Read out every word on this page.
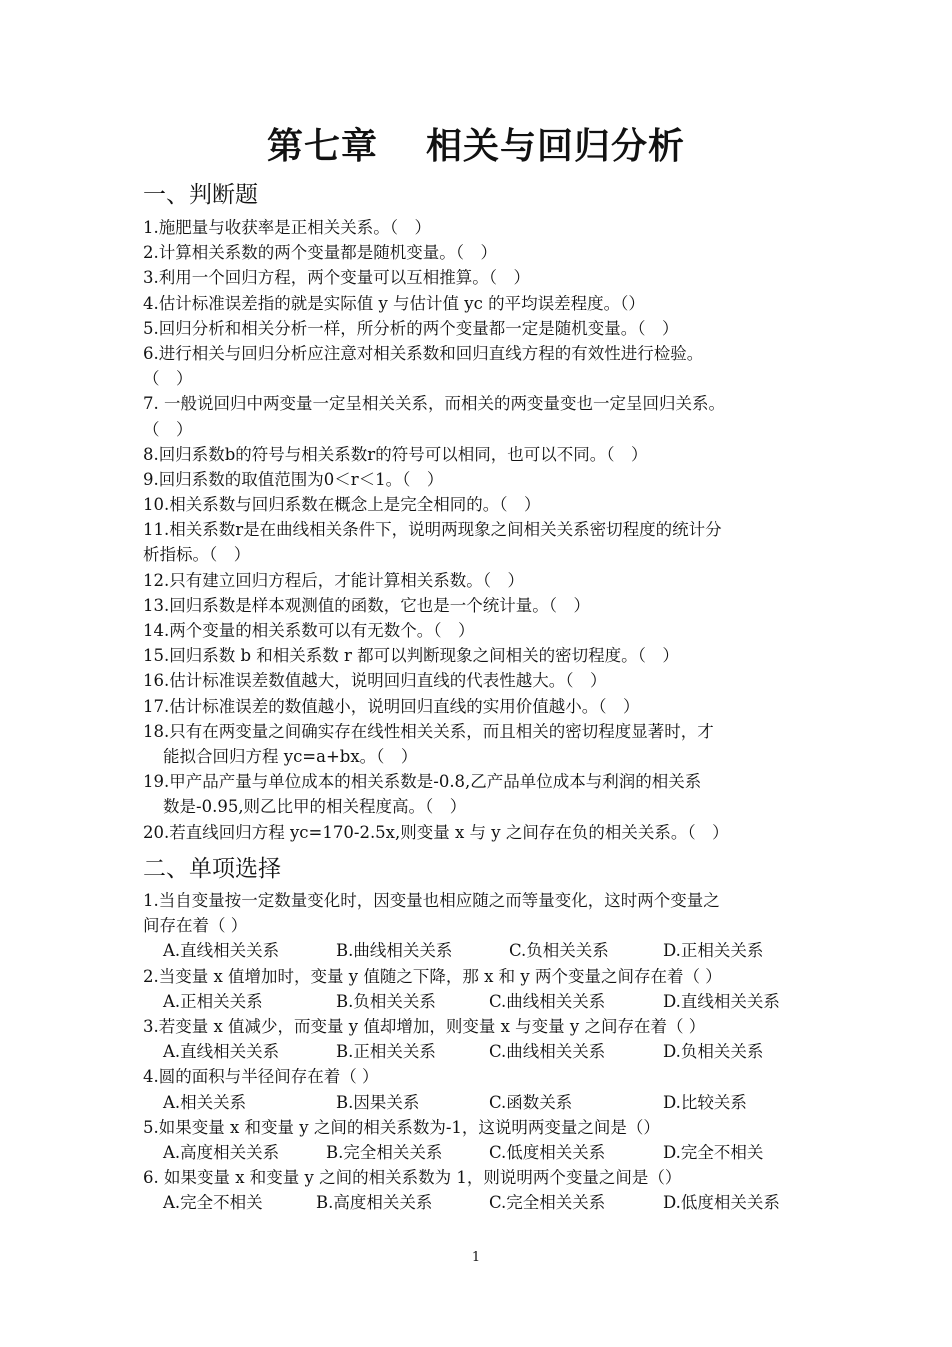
第七章 相关与回归分析
一、判断题
1.施肥量与收获率是正相关关系。（　）
2.计算相关系数的两个变量都是随机变量。（　）
3.利用一个回归方程，两个变量可以互相推算。（　）
4.估计标准误差指的就是实际值 y 与估计值 yc 的平均误差程度。（）
5.回归分析和相关分析一样，所分析的两个变量都一定是随机变量。（　）
6.进行相关与回归分析应注意对相关系数和回归直线方程的有效性进行检验。
（　）
7. 一般说回归中两变量一定呈相关关系，而相关的两变量变也一定呈回归关系。
（　）
8.回归系数b的符号与相关系数r的符号可以相同，也可以不同。（　）
9.回归系数的取值范围为0＜r＜1。（　）
10.相关系数与回归系数在概念上是完全相同的。（　）
11.相关系数r是在曲线相关条件下，说明两现象之间相关关系密切程度的统计分
析指标。（　）
12.只有建立回归方程后，才能计算相关系数。（　）
13.回归系数是样本观测值的函数，它也是一个统计量。（　）
14.两个变量的相关系数可以有无数个。（　）
15.回归系数 b 和相关系数 r 都可以判断现象之间相关的密切程度。（　）
16.估计标准误差数值越大，说明回归直线的代表性越大。（　）
17.估计标准误差的数值越小，说明回归直线的实用价值越小。（　）
18.只有在两变量之间确实存在线性相关关系，而且相关的密切程度显著时，才
能拟合回归方程 yc=a+bx。（　）
19.甲产品产量与单位成本的相关系数是-0.8,乙产品单位成本与利润的相关系
数是-0.95,则乙比甲的相关程度高。（　）
20.若直线回归方程 yc=170-2.5x,则变量 x 与 y 之间存在负的相关关系。（　）
二、单项选择
1.当自变量按一定数量变化时，因变量也相应随之而等量变化，这时两个变量之
间存在着（ ）
A.直线相关关系	B.曲线相关关系	C.负相关关系	D.正相关关系
2.当变量 x 值增加时，变量 y 值随之下降，那 x 和 y 两个变量之间存在着（ ）
A.正相关关系	B.负相关关系	C.曲线相关关系	D.直线相关关系
3.若变量 x 值减少，而变量 y 值却增加，则变量 x 与变量 y 之间存在着（ ）
A.直线相关关系	B.正相关关系	C.曲线相关关系	D.负相关关系
4.圆的面积与半径间存在着（ ）
A.相关关系	B.因果关系	C.函数关系	D.比较关系
5.如果变量 x 和变量 y 之间的相关系数为-1，这说明两变量之间是（）
A.高度相关关系	B.完全相关关系	C.低度相关关系	D.完全不相关
6. 如果变量 x 和变量 y 之间的相关系数为 1，则说明两个变量之间是（）
A.完全不相关	B.高度相关关系	C.完全相关关系	D.低度相关关系
1
